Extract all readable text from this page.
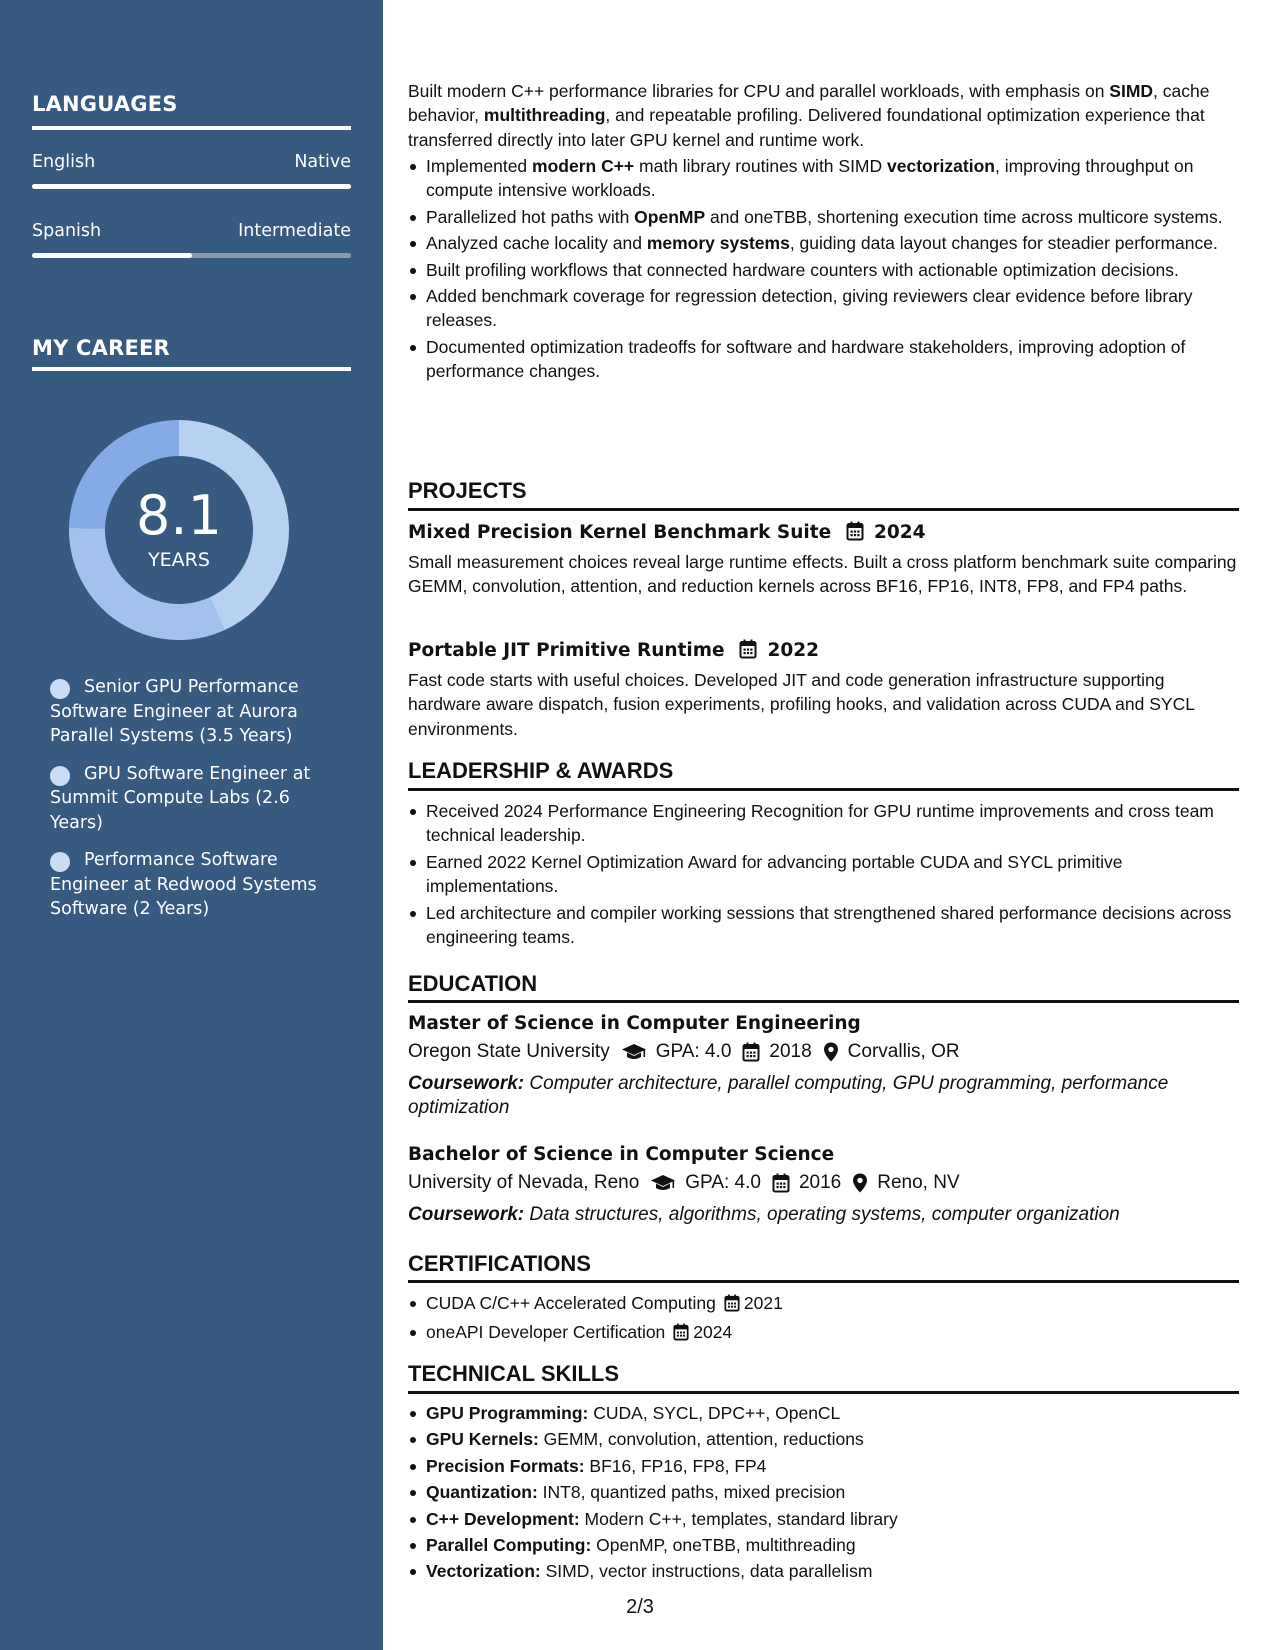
LANGUAGES
English	Native
Spanish	Intermediate
MY CAREER
8.1
YEARS
Senior GPU Performance Software Engineer at Aurora Parallel Systems (3.5 Years)
GPU Software Engineer at Summit Compute Labs (2.6 Years)
Performance Software Engineer at Redwood Systems Software (2 Years)

Built modern C++ performance libraries for CPU and parallel workloads, with emphasis on SIMD, cache behavior, multithreading, and repeatable profiling. Delivered foundational optimization experience that transferred directly into later GPU kernel and runtime work.

Implemented modern C++ math library routines with SIMD vectorization, improving throughput on compute intensive workloads.
Parallelized hot paths with OpenMP and oneTBB, shortening execution time across multicore systems.
Analyzed cache locality and memory systems, guiding data layout changes for steadier performance.
Built profiling workflows that connected hardware counters with actionable optimization decisions.
Added benchmark coverage for regression detection, giving reviewers clear evidence before library releases.
Documented optimization tradeoffs for software and hardware stakeholders, improving adoption of performance changes.
PROJECTS
Mixed Precision Kernel Benchmark Suite 2024

Small measurement choices reveal large runtime effects. Built a cross platform benchmark suite comparing GEMM, convolution, attention, and reduction kernels across BF16, FP16, INT8, FP8, and FP4 paths.

Portable JIT Primitive Runtime 2022

Fast code starts with useful choices. Developed JIT and code generation infrastructure supporting hardware aware dispatch, fusion experiments, profiling hooks, and validation across CUDA and SYCL environments.

LEADERSHIP & AWARDS
Received 2024 Performance Engineering Recognition for GPU runtime improvements and cross team technical leadership.
Earned 2022 Kernel Optimization Award for advancing portable CUDA and SYCL primitive implementations.
Led architecture and compiler working sessions that strengthened shared performance decisions across engineering teams.
EDUCATION
Master of Science in Computer Engineering
Oregon State University GPA: 4.0 2018 Corvallis, OR

Coursework: Computer architecture, parallel computing, GPU programming, performance optimization

Bachelor of Science in Computer Science
University of Nevada, Reno GPA: 4.0 2016 Reno, NV

Coursework: Data structures, algorithms, operating systems, computer organization

CERTIFICATIONS
CUDA C/C++ Accelerated Computing 2021
oneAPI Developer Certification 2024
TECHNICAL SKILLS
GPU Programming: CUDA, SYCL, DPC++, OpenCL
GPU Kernels: GEMM, convolution, attention, reductions
Precision Formats: BF16, FP16, FP8, FP4
Quantization: INT8, quantized paths, mixed precision
C++ Development: Modern C++, templates, standard library
Parallel Computing: OpenMP, oneTBB, multithreading
Vectorization: SIMD, vector instructions, data parallelism
2/3
